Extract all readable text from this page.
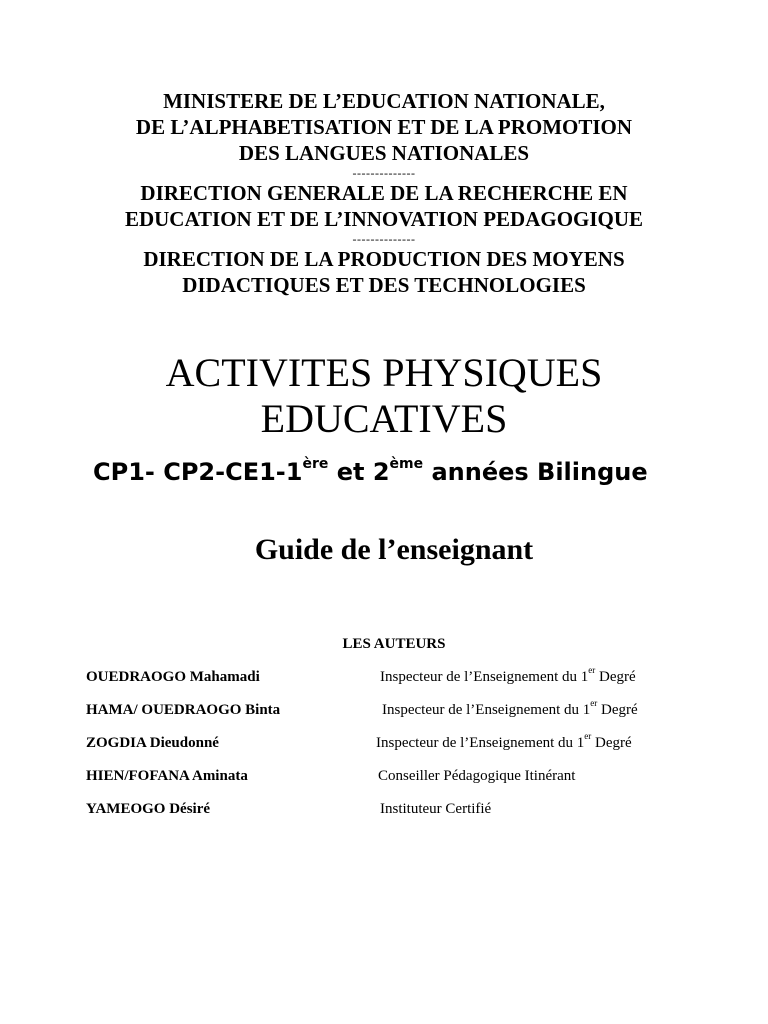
MINISTERE DE L’EDUCATION NATIONALE,
DE L’ALPHABETISATION ET DE LA PROMOTION
DES LANGUES NATIONALES
--------------
DIRECTION GENERALE DE LA RECHERCHE EN
EDUCATION ET DE L’INNOVATION PEDAGOGIQUE
--------------
DIRECTION DE LA PRODUCTION DES MOYENS
DIDACTIQUES ET DES TECHNOLOGIES
ACTIVITES PHYSIQUES
EDUCATIVES
CP1- CP2-CE1-1ère et 2ème années Bilingue
Guide de l’enseignant
LES AUTEURS
OUEDRAOGO Mahamadi	Inspecteur de l’Enseignement du 1er Degré
HAMA/ OUEDRAOGO Binta	Inspecteur de l’Enseignement du 1er Degré
ZOGDIA Dieudonné	Inspecteur de l’Enseignement du 1er Degré
HIEN/FOFANA Aminata	Conseiller Pédagogique Itinérant
YAMEOGO Désiré	Instituteur Certifié
